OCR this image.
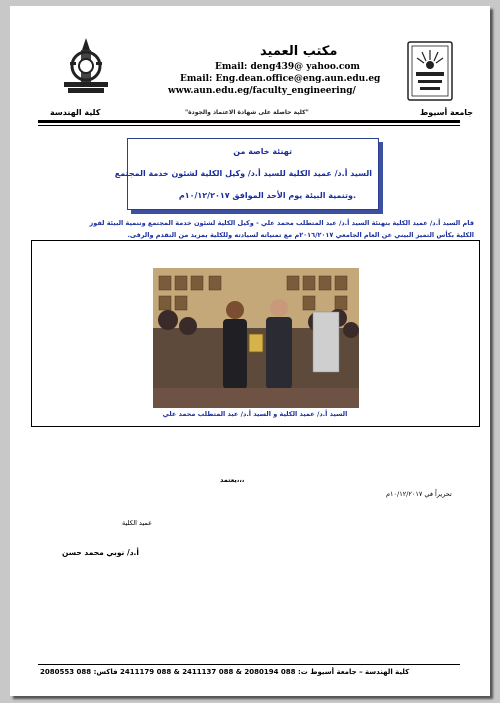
مكتب العميد
Email: deng439@ yahoo.com
Email: Eng.dean.office@eng.aun.edu.eg
www.aun.edu.eg/faculty_engineering/
كلية الهندسة	"كلية حاصلة على شهادة الاعتماد والجودة"	جامعة أسيوط
تهنئة خاصة من
السيد أ.د/ عميد الكلية للسيد أ.د/ وكيل الكلية لشئون خدمة المجتمع
وتنمية البيئة يوم الأحد الموافق ١٠/١٢/٢٠١٧م.
قام السيد أ.د/ عميد الكلية بتهنئة السيد أ.د/ عبد المتطلب محمد علي - وكيل الكلية لشئون خدمة المجتمع وتنمية البيئة لفوز
الكلية بكأس التميز البيني عن العام الجامعي ٢٠١٦/٢٠١٧م مع تمنياته لسيادته وللكلية بمزيد من التقدم والرقى.
السيد أ.د/ عميد الكلية و السيد أ.د/ عبد المتطلب محمد علي
يعتمد،،،
تحريراً في ١٠/١٢/٢٠١٧م
عميد الكلية
أ.د/ نوبي محمد حسن
كلية الهندسة – جامعة أسيوط ت: 088 2080194 & 088 2411137 & 088 2411179 فاكس: 088 2080553
